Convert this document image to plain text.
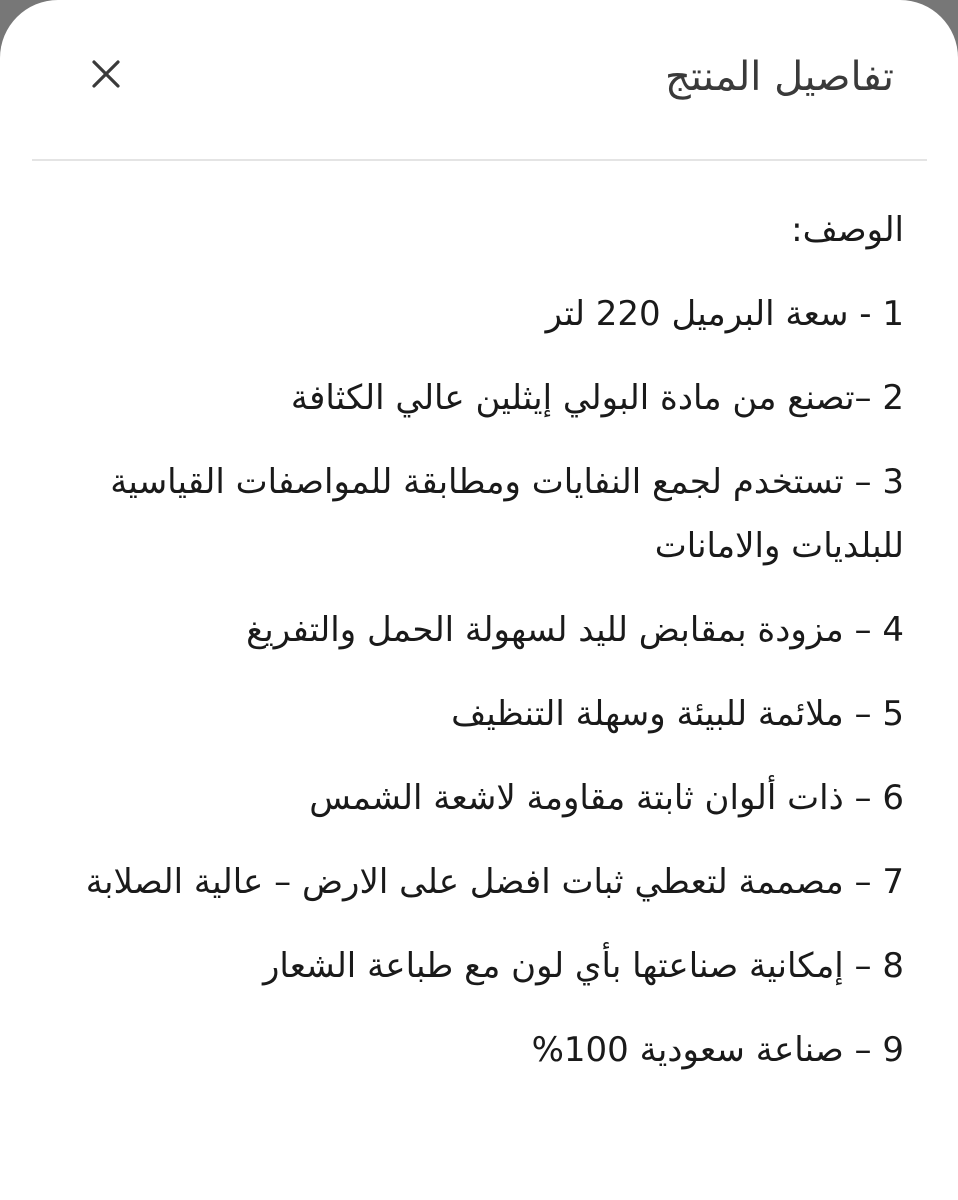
تفاصيل المنتج
الوصف:
1 - سعة البرميل 220 لتر
2 –تصنع من مادة البولي إيثلين عالي الكثافة
3 – تستخدم لجمع النفايات ومطابقة للمواصفات القياسية للبلديات والامانات
4 – مزودة بمقابض لليد لسهولة الحمل والتفريغ
5 – ملائمة للبيئة وسهلة التنظيف
6 – ذات ألوان ثابتة مقاومة لاشعة الشمس
7 – مصممة لتعطي ثبات افضل على الارض – عالية الصلابة
8 – إمكانية صناعتها بأي لون مع طباعة الشعار
9 – صناعة سعودية 100%
